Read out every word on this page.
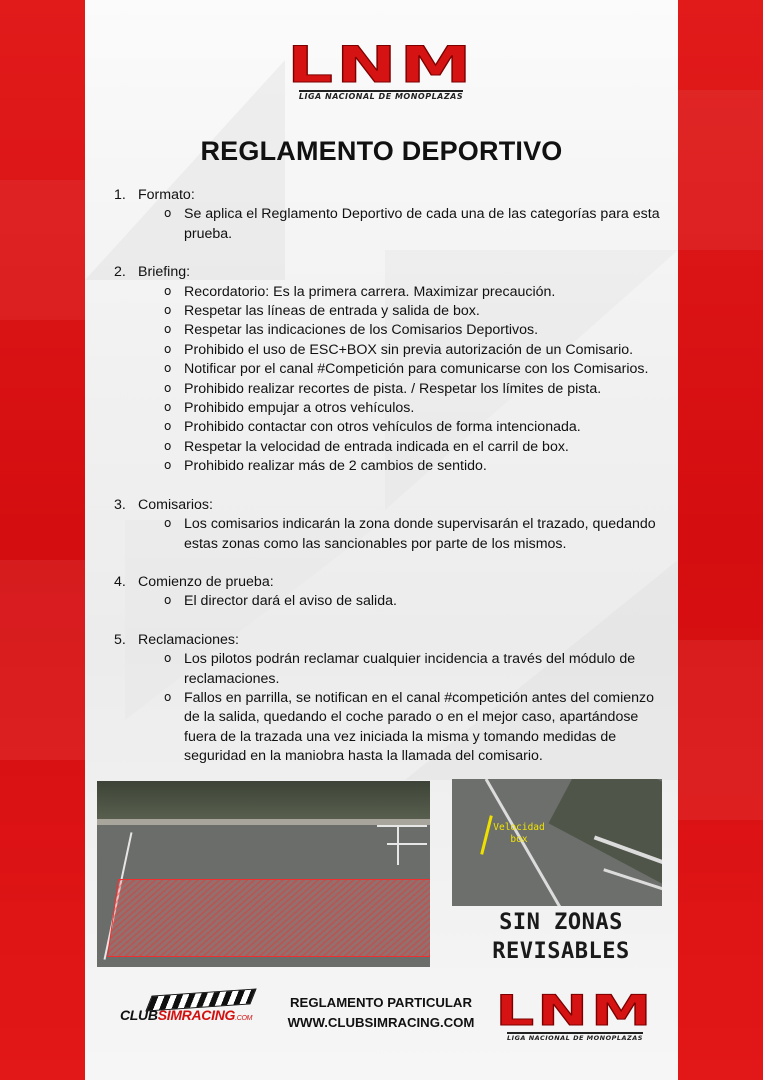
LNM
LIGA NACIONAL DE MONOPLAZAS
REGLAMENTO DEPORTIVO
1. Formato:
o Se aplica el Reglamento Deportivo de cada una de las categorías para esta prueba.
2. Briefing:
o Recordatorio: Es la primera carrera. Maximizar precaución.
o Respetar las líneas de entrada y salida de box.
o Respetar las indicaciones de los Comisarios Deportivos.
o Prohibido el uso de ESC+BOX sin previa autorización de un Comisario.
o Notificar por el canal #Competición para comunicarse con los Comisarios.
o Prohibido realizar recortes de pista. / Respetar los límites de pista.
o Prohibido empujar a otros vehículos.
o Prohibido contactar con otros vehículos de forma intencionada.
o Respetar la velocidad de entrada indicada en el carril de box.
o Prohibido realizar más de 2 cambios de sentido.
3. Comisarios:
o Los comisarios indicarán la zona donde supervisarán el trazado, quedando estas zonas como las sancionables por parte de los mismos.
4. Comienzo de prueba:
o El director dará el aviso de salida.
5. Reclamaciones:
o Los pilotos podrán reclamar cualquier incidencia a través del módulo de reclamaciones.
o Fallos en parrilla, se notifican en el canal #competición antes del comienzo de la salida, quedando el coche parado o en el mejor caso, apartándose fuera de la trazada una vez iniciada la misma y tomando medidas de seguridad en la maniobra hasta la llamada del comisario.
Velocidad
box
SIN ZONAS
REVISABLES
CLUBSIMRACING.COM
REGLAMENTO PARTICULAR
WWW.CLUBSIMRACING.COM LNM
LIGA NACIONAL DE MONOPLAZAS
